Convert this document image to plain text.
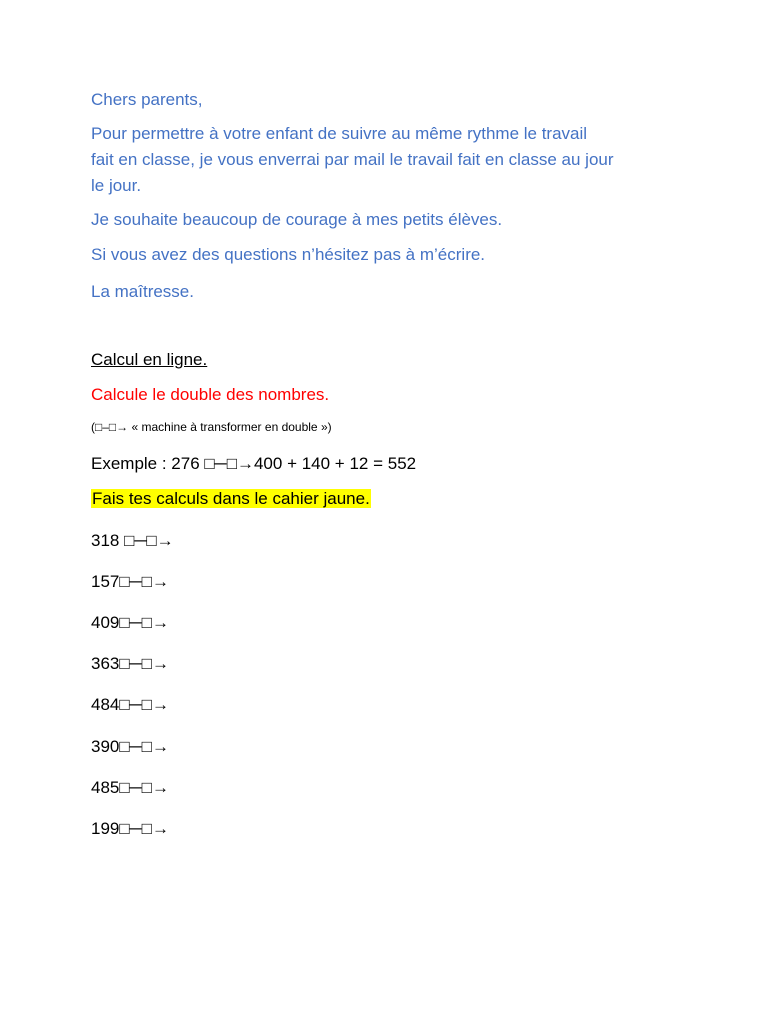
Chers parents,

Pour permettre à votre enfant de suivre au même rythme le travail

fait en classe, je vous enverrai par mail le travail fait en classe au jour

le jour.

Je souhaite beaucoup de courage à mes petits élèves.

Si vous avez des questions n’hésitez pas à m’écrire.

La maîtresse.

Calcul en ligne.

Calcule le double des nombres.

(□–□→ « machine à transformer en double »)

Exemple : 276 □─□→400 + 140 + 12 = 552

Fais tes calculs dans le cahier jaune.

318 □─□→

157□─□→

409□─□→

363□─□→

484□─□→

390□─□→

485□─□→

199□─□→
